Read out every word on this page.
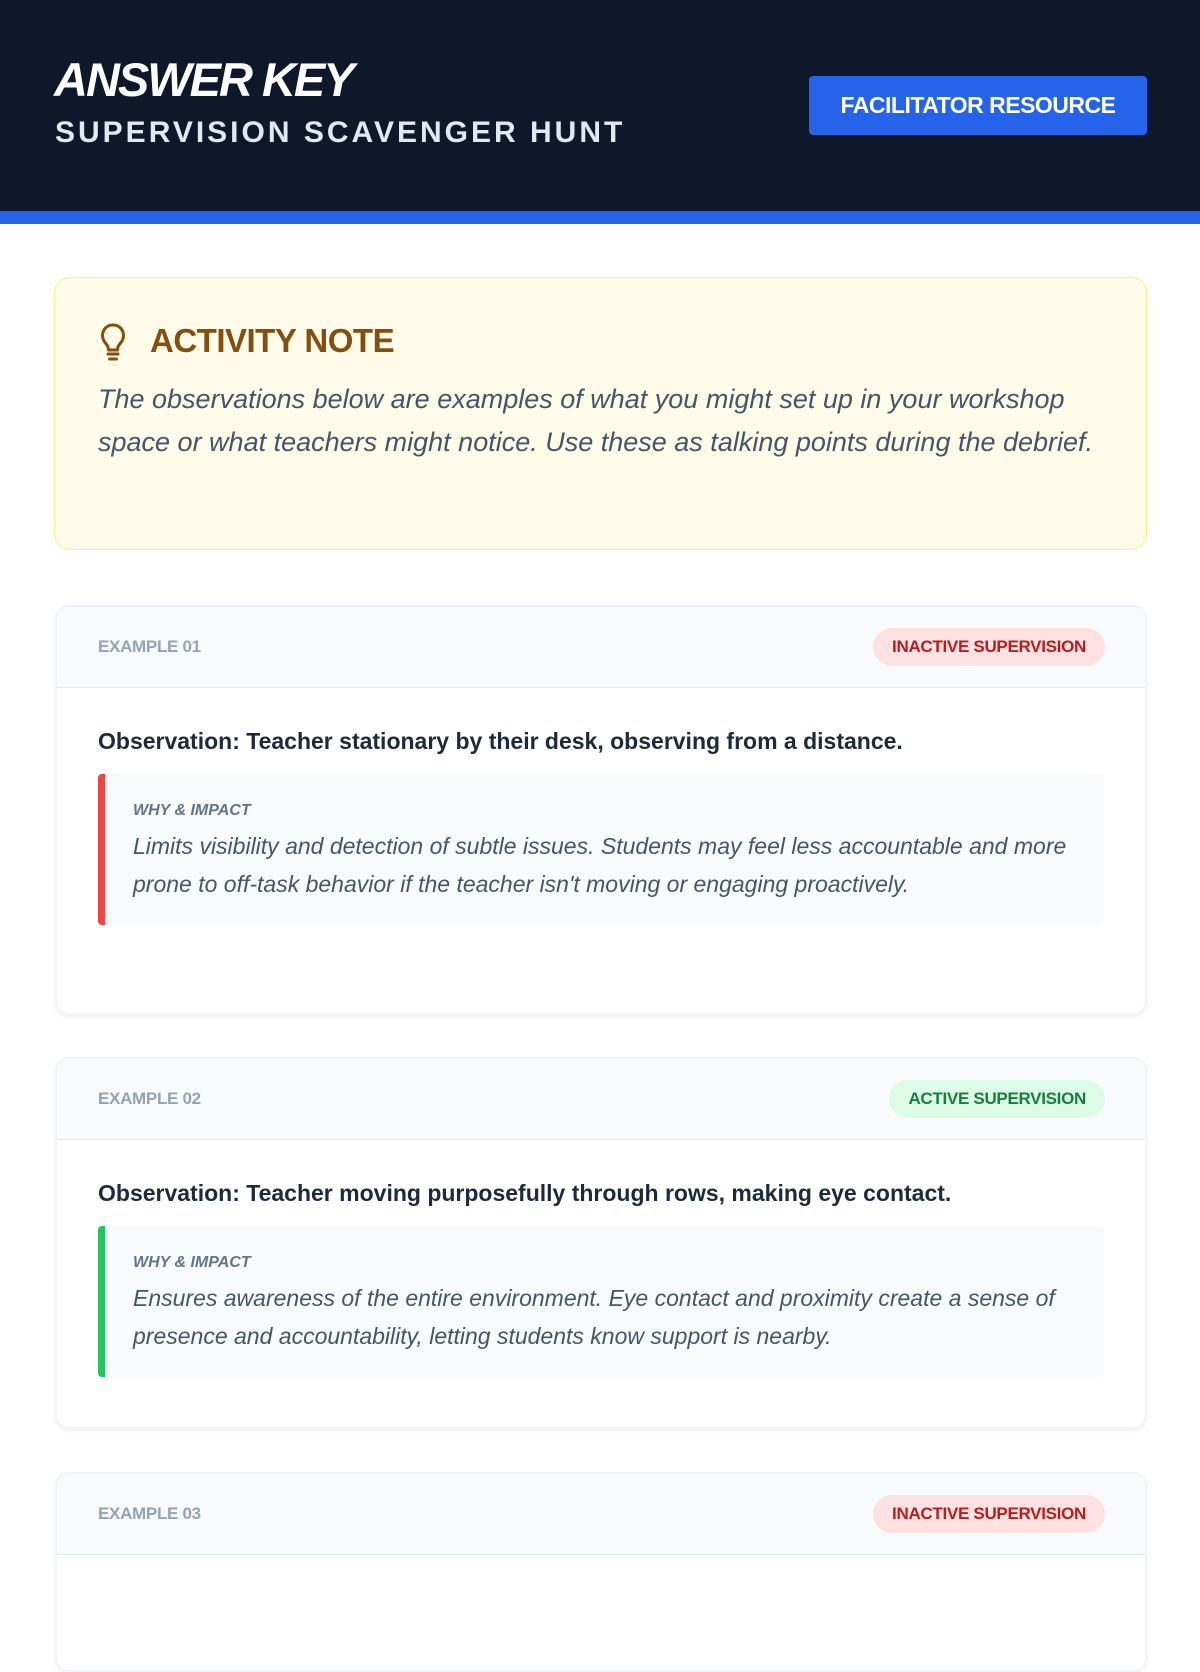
ANSWER KEY
SUPERVISION SCAVENGER HUNT
FACILITATOR RESOURCE
ACTIVITY NOTE

The observations below are examples of what you might set up in your workshop space or what teachers might notice. Use these as talking points during the debrief.

EXAMPLE 01	INACTIVE SUPERVISION

Observation: Teacher stationary by their desk, observing from a distance.

WHY & IMPACT

Limits visibility and detection of subtle issues. Students may feel less accountable and more prone to off-task behavior if the teacher isn't moving or engaging proactively.

EXAMPLE 02	ACTIVE SUPERVISION

Observation: Teacher moving purposefully through rows, making eye contact.

WHY & IMPACT

Ensures awareness of the entire environment. Eye contact and proximity create a sense of presence and accountability, letting students know support is nearby.

EXAMPLE 03	INACTIVE SUPERVISION
